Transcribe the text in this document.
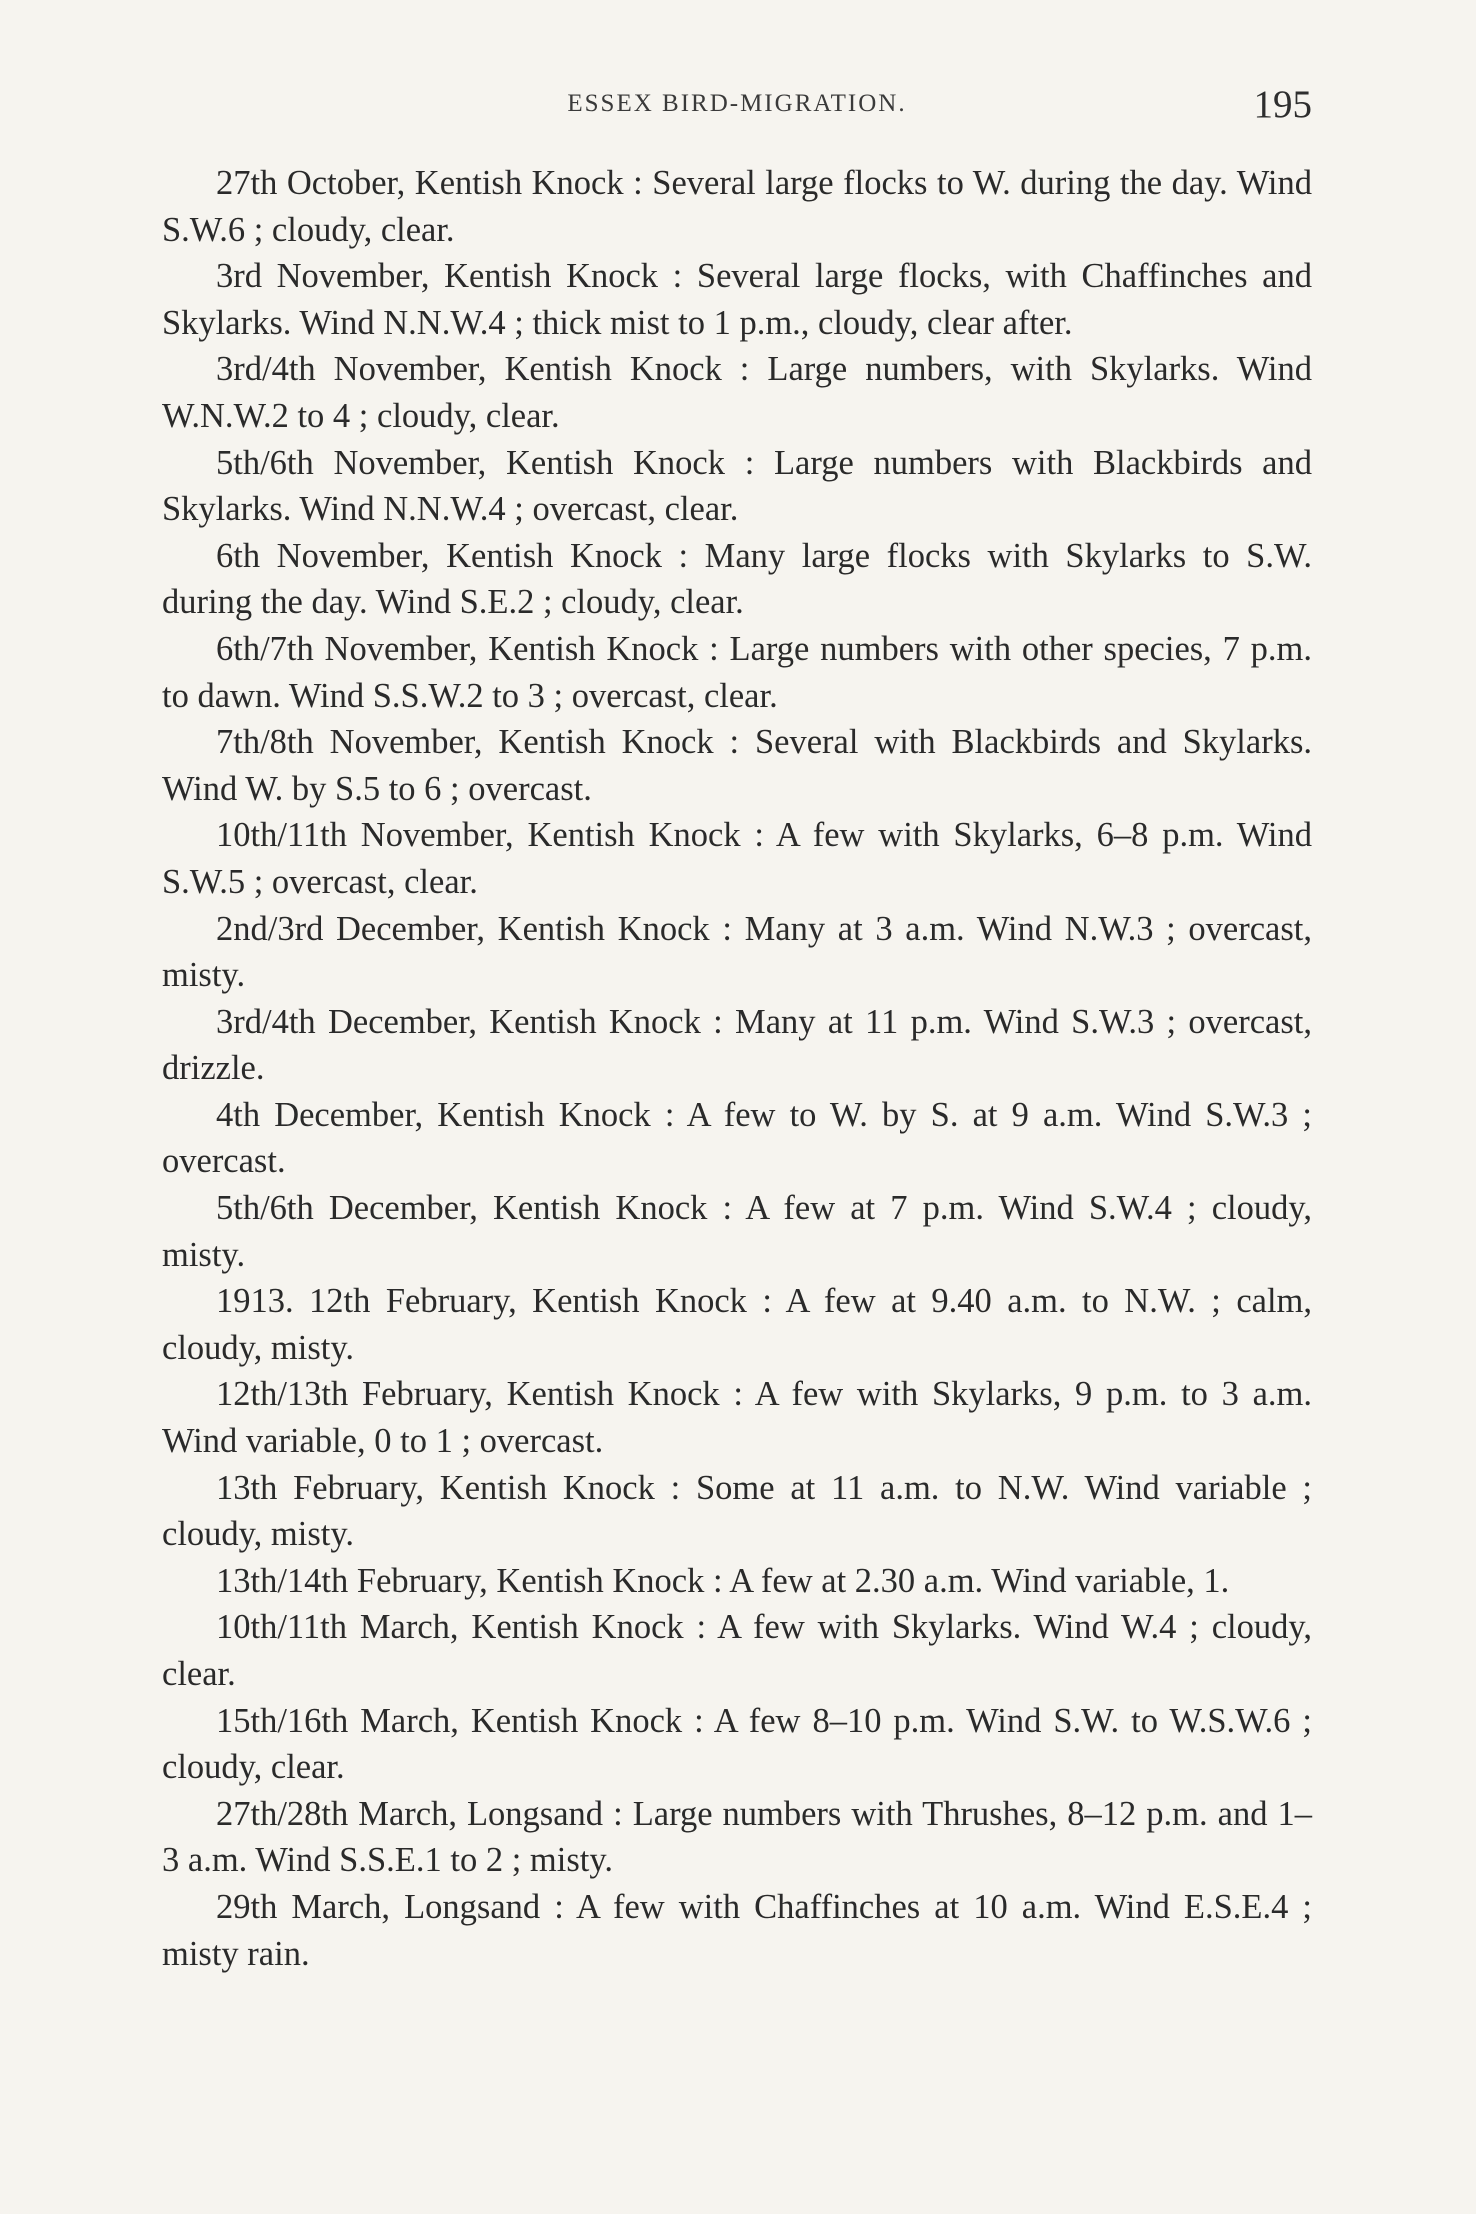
ESSEX BIRD-MIGRATION.	195

27th October, Kentish Knock : Several large flocks to W. during the day. Wind S.W.6 ; cloudy, clear.

3rd November, Kentish Knock : Several large flocks, with Chaffinches and Skylarks. Wind N.N.W.4 ; thick mist to 1 p.m., cloudy, clear after.

3rd/4th November, Kentish Knock : Large numbers, with Skylarks. Wind W.N.W.2 to 4 ; cloudy, clear.

5th/6th November, Kentish Knock : Large numbers with Blackbirds and Skylarks. Wind N.N.W.4 ; overcast, clear.

6th November, Kentish Knock : Many large flocks with Skylarks to S.W. during the day. Wind S.E.2 ; cloudy, clear.

6th/7th November, Kentish Knock : Large numbers with other species, 7 p.m. to dawn. Wind S.S.W.2 to 3 ; overcast, clear.

7th/8th November, Kentish Knock : Several with Blackbirds and Skylarks. Wind W. by S.5 to 6 ; overcast.

10th/11th November, Kentish Knock : A few with Skylarks, 6–8 p.m. Wind S.W.5 ; overcast, clear.

2nd/3rd December, Kentish Knock : Many at 3 a.m. Wind N.W.3 ; overcast, misty.

3rd/4th December, Kentish Knock : Many at 11 p.m. Wind S.W.3 ; overcast, drizzle.

4th December, Kentish Knock : A few to W. by S. at 9 a.m. Wind S.W.3 ; overcast.

5th/6th December, Kentish Knock : A few at 7 p.m. Wind S.W.4 ; cloudy, misty.

1913. 12th February, Kentish Knock : A few at 9.40 a.m. to N.W. ; calm, cloudy, misty.

12th/13th February, Kentish Knock : A few with Skylarks, 9 p.m. to 3 a.m. Wind variable, 0 to 1 ; overcast.

13th February, Kentish Knock : Some at 11 a.m. to N.W. Wind variable ; cloudy, misty.

13th/14th February, Kentish Knock : A few at 2.30 a.m. Wind variable, 1.

10th/11th March, Kentish Knock : A few with Skylarks. Wind W.4 ; cloudy, clear.

15th/16th March, Kentish Knock : A few 8–10 p.m. Wind S.W. to W.S.W.6 ; cloudy, clear.

27th/28th March, Longsand : Large numbers with Thrushes, 8–12 p.m. and 1–3 a.m. Wind S.S.E.1 to 2 ; misty.

29th March, Longsand : A few with Chaffinches at 10 a.m. Wind E.S.E.4 ; misty rain.
